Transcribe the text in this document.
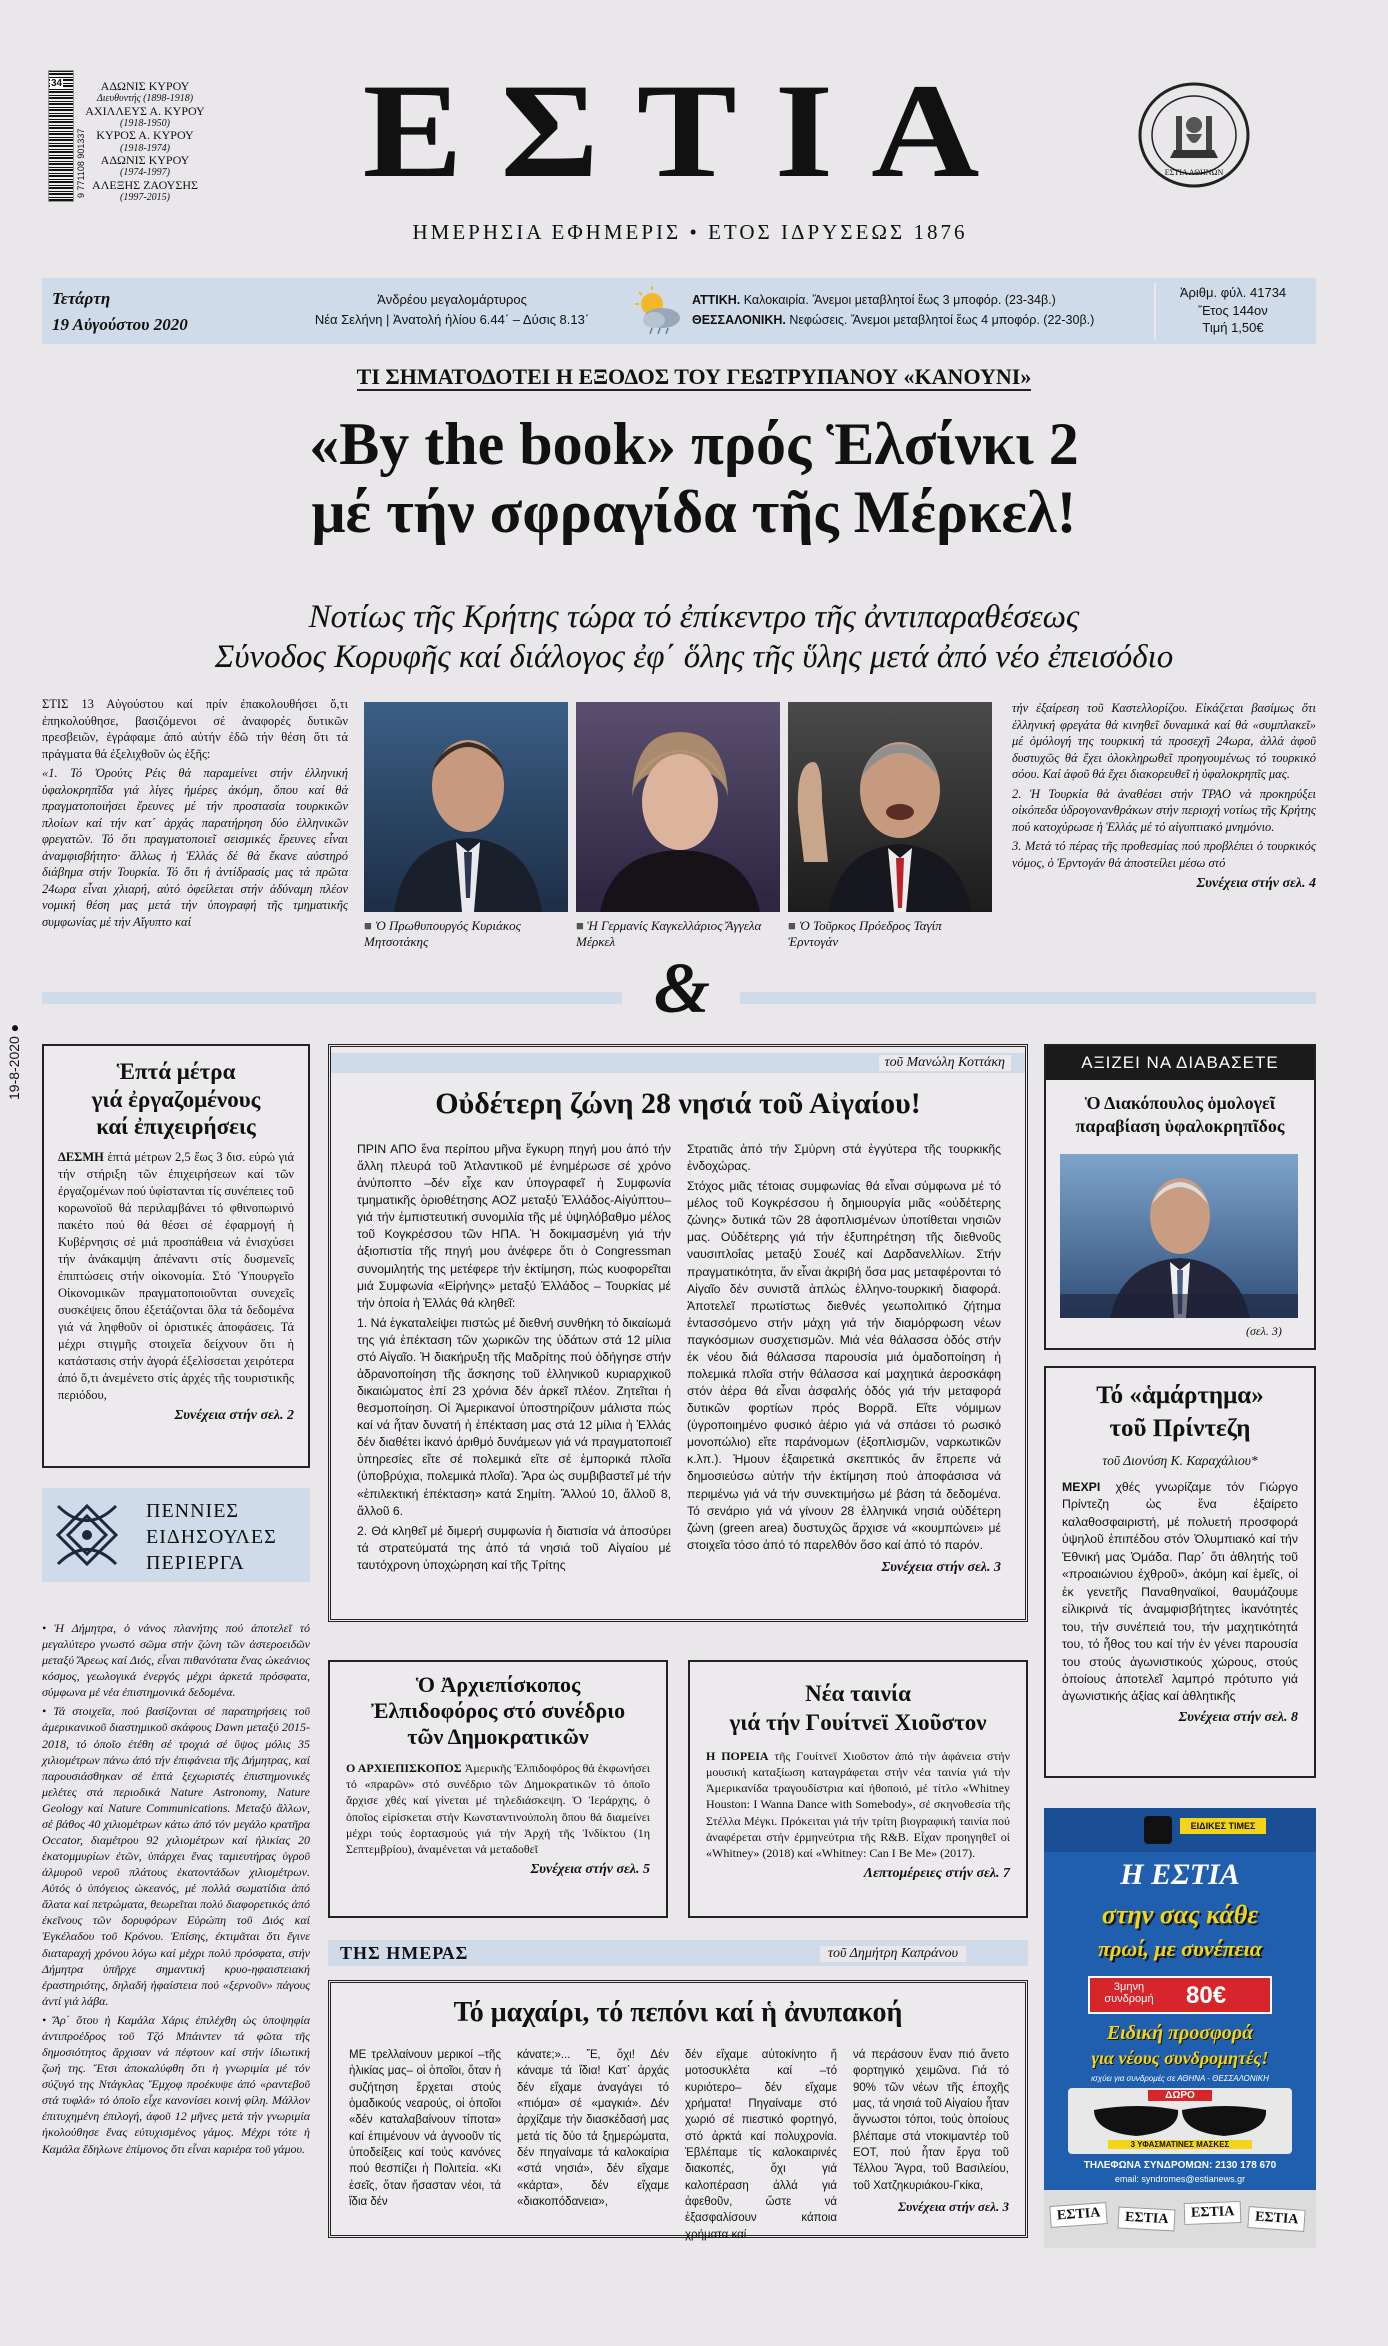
34
9 771108 901337
ΑΔΩΝΙΣ ΚΥΡΟΥ
Διευθυντής (1898-1918)
ΑΧΙΛΛΕΥΣ Α. ΚΥΡΟΥ
(1918-1950)
ΚΥΡΟΣ Α. ΚΥΡΟΥ
(1918-1974)
ΑΔΩΝΙΣ ΚΥΡΟΥ
(1974-1997)
ΑΛΕΞΗΣ ΖΑΟΥΣΗΣ
(1997-2015)	ΕΣΤΙΑ
ΗΜΕΡΗΣΙΑ ΕΦΗΜΕΡΙΣ • ΕΤΟΣ ΙΔΡΥΣΕΩΣ 1876
ΕΣΤΙΑ ΑΘΗΝΩΝ
Τετάρτη
19 Αὐγούστου 2020
Ἀνδρέου μεγαλομάρτυρος
Νέα Σελήνη | Ἀνατολή ἡλίου 6.44΄ – Δύσις 8.13΄
ΑΤΤΙΚΗ. Καλοκαιρία. Ἄνεμοι μεταβλητοί ἕως 3 μποφόρ. (23-34β.)
ΘΕΣΣΑΛΟΝΙΚΗ. Νεφώσεις. Ἄνεμοι μεταβλητοί ἕως 4 μποφόρ. (22-30β.)
Ἀριθμ. φύλ. 41734
Ἔτος 144ον
Τιμή 1,50€
ΤΙ ΣΗΜΑΤΟΔΟΤΕΙ Η ΕΞΟΔΟΣ ΤΟΥ ΓΕΩΤΡΥΠΑΝΟΥ «ΚΑΝΟΥΝΙ»
«By the book» πρός Ἑλσίνκι 2
μέ τήν σφραγίδα τῆς Μέρκελ!
Νοτίως τῆς Κρήτης τώρα τό ἐπίκεντρο τῆς ἀντιπαραθέσεως
Σύνοδος Κορυφῆς καί διάλογος ἐφ΄ ὅλης τῆς ὕλης μετά ἀπό νέο ἐπεισόδιο

ΣΤΙΣ 13 Αὐγούστου καί πρίν ἐπακολουθήσει ὅ,τι ἐπηκολούθησε, βασιζόμενοι σέ ἀναφορές δυτικῶν πρεσβειῶν, ἐγράφαμε ἀπό αὐτήν ἐδῶ τήν θέση ὅτι τά πράγματα θά ἐξελιχθοῦν ὡς ἑξῆς:

«1. Τό Ὀρούτς Ρέις θά παραμείνει στήν ἑλληνική ὑφαλοκρηπῖδα γιά λίγες ἡμέρες ἀκόμη, ὅπου καί θά πραγματοποιήσει ἔρευνες μέ τήν προστασία τουρκικῶν πλοίων καί τήν κατ΄ ἀρχάς παρατήρηση δύο ἑλληνικῶν φρεγατῶν. Τό ὅτι πραγματοποιεῖ σεισμικές ἔρευνες εἶναι ἀναμφισβήτητο· ἄλλως ἡ Ἑλλάς δέ θά ἔκανε αὐστηρό διάβημα στήν Τουρκία. Τό ὅτι ἡ ἀντίδρασίς μας τά πρῶτα 24ωρα εἶναι χλιαρή, αὐτό ὀφείλεται στήν ἀδύναμη πλέον νομική θέση μας μετά τήν ὑπογραφή τῆς τμηματικῆς συμφωνίας μέ τήν Αἴγυπτο καί	■ Ὁ Πρωθυπουργός Κυριάκος Μητσοτάκης
■ Ἡ Γερμανίς Καγκελλάριος Ἄγγελα Μέρκελ
■ Ὁ Τοῦρκος Πρόεδρος Ταγίπ Ἐρντογάν

τήν ἐξαίρεση τοῦ Καστελλορίζου. Εἰκάζεται βασίμως ὅτι ἑλληνική φρεγάτα θά κινηθεῖ δυναμικά καί θά «συμπλακεῖ» μέ ὁμόλογή της τουρκική τά προσεχῆ 24ωρα, ἀλλά ἀφοῦ δυστυχῶς θά ἔχει ὁλοκληρωθεῖ προηγουμένως τό τουρκικό σόου. Καί ἀφοῦ θά ἔχει διακορευθεῖ ἡ ὑφαλοκρηπῖς μας.

2. Ἡ Τουρκία θά ἀναθέσει στήν TPAO νά προκηρύξει οἰκόπεδα ὑδρογονανθράκων στήν περιοχή νοτίως τῆς Κρήτης πού κατοχύρωσε ἡ Ἑλλάς μέ τό αἰγυπτιακό μνημόνιο.

3. Μετά τό πέρας τῆς προθεσμίας πού προβλέπει ὁ τουρκικός νόμος, ὁ Ἐρντογάν θά ἀποστείλει μέσω στό

Συνέχεια στήν σελ. 4
&
19-8-2020 ●
Ἑπτά μέτρα
γιά ἐργαζομένους
καί ἐπιχειρήσεις
ΔΕΣΜΗ ἑπτά μέτρων 2,5 ἕως 3 δισ. εὐρώ γιά τήν στήριξη τῶν ἐπιχειρήσεων καί τῶν ἐργαζομένων πού ὑφίστανται τίς συνέπειες τοῦ κορωνοϊοῦ θά περιλαμβάνει τό φθινοπωρινό πακέτο πού θά θέσει σέ ἐφαρμογή ἡ Κυβέρνησις σέ μιά προσπάθεια νά ἐνισχύσει τήν ἀνάκαμψη ἀπέναντι στίς δυσμενεῖς ἐπιπτώσεις στήν οἰκονομία. Στό Ὑπουργεῖο Οἰκονομικῶν πραγματοποιοῦνται συνεχεῖς συσκέψεις ὅπου ἐξετάζονται ὅλα τά δεδομένα γιά νά ληφθοῦν οἱ ὁριστικές ἀποφάσεις. Τά μέχρι στιγμῆς στοιχεῖα δείχνουν ὅτι ἡ κατάστασις στήν ἀγορά ἐξελίσσεται χειρότερα ἀπό ὅ,τι ἀνεμένετο στίς ἀρχές τῆς τουριστικῆς περιόδου,
Συνέχεια στήν σελ. 2
ΠΕΝΝΙΕΣ
ΕΙΔΗΣΟΥΛΕΣ
ΠΕΡΙΕΡΓΑ

• Ἡ Δήμητρα, ὁ νάνος πλανήτης πού ἀποτελεῖ τό μεγαλύτερο γνωστό σῶμα στήν ζώνη τῶν ἀστεροειδῶν μεταξύ Ἄρεως καί Διός, εἶναι πιθανότατα ἕνας ὠκεάνιος κόσμος, γεωλογικά ἐνεργός μέχρι ἀρκετά πρόσφατα, σύμφωνα μέ νέα ἐπιστημονικά δεδομένα.

• Τά στοιχεῖα, πού βασίζονται σέ παρατηρήσεις τοῦ ἀμερικανικοῦ διαστημικοῦ σκάφους Dawn μεταξύ 2015-2018, τό ὁποῖο ἐτέθη σέ τροχιά σέ ὕψος μόλις 35 χιλιομέτρων πάνω ἀπό τήν ἐπιφάνεια τῆς Δήμητρας, καί παρουσιάσθηκαν σέ ἑπτά ξεχωριστές ἐπιστημονικές μελέτες στά περιοδικά Nature Astronomy, Nature Geology καί Nature Communications. Μεταξύ ἄλλων, σέ βάθος 40 χιλιομέτρων κάτω ἀπό τόν μεγάλο κρατῆρα Occator, διαμέτρου 92 χιλιομέτρων καί ἡλικίας 20 ἑκατομμυρίων ἐτῶν, ὑπάρχει ἕνας ταμιευτήρας ὑγροῦ ἁλμυροῦ νεροῦ πλάτους ἑκατοντάδων χιλιομέτρων. Αὐτός ὁ ὑπόγειος ὠκεανός, μέ πολλά σωματίδια ἀπό ἅλατα καί πετρώματα, θεωρεῖται πολύ διαφορετικός ἀπό ἐκεῖνους τῶν δορυφόρων Εὐρώπη τοῦ Διός καί Ἐγκέλαδου τοῦ Κρόνου. Ἐπίσης, ἐκτιμᾶται ὅτι ἔγινε διαταραχή χρόνου λόγω καί μέχρι πολύ πρόσφατα, στήν Δήμητρα ὑπῆρχε σημαντική κρυο-ηφαιστειακή ἐραστηριότης, δηλαδή ἠφαίστεια πού «ξερνοῦν» πάγους ἀντί γιά λάβα.

• Ἄρ΄ ὅτου ἡ Καμάλα Χάρις ἐπιλέχθη ὡς ὑποψηφία ἀντιπροέδρος τοῦ Τζό Μπάιντεν τά φῶτα τῆς δημοσιότητος ἄρχισαν νά πέφτουν καί στήν ἰδιωτική ζωή της. Ἔτσι ἀποκαλύφθη ὅτι ἡ γνωριμία μέ τόν σύζυγό της Ντάγκλας Ἔμχοφ προέκυψε ἀπό «ραντεβοῦ στά τυφλά» τό ὁποῖο εἶχε κανονίσει κοινή φίλη. Μάλλον ἐπιτυχημένη ἐπιλογή, ἀφοῦ 12 μῆνες μετά τήν γνωριμία ἠκολούθησε ἕνας εὐτυχισμένος γάμος. Μέχρι τότε ἡ Καμάλα ἔδηλωνε ἐπίμονος ὅτι εἶναι καριέρα τοῦ γάμου.

τοῦ Μανώλη Κοττάκη
Οὐδέτερη ζώνη 28 νησιά τοῦ Αἰγαίου!

ΠΡΙΝ ΑΠΟ ἕνα περίπου μῆνα ἔγκυρη πηγή μου ἀπό τήν ἄλλη πλευρά τοῦ Ἀτλαντικοῦ μέ ἐνημέρωσε σέ χρόνο ἀνύποπτο –δέν εἶχε καν ὑπογραφεῖ ἡ Συμφωνία τμηματικῆς ὁριοθέτησης ΑΟΖ μεταξύ Ἑλλάδος-Αἰγύπτου– γιά τήν ἐμπιστευτική συνομιλία τῆς μέ ὑψηλόβαθμο μέλος τοῦ Κογκρέσσου τῶν ΗΠΑ. Ἡ δοκιμασμένη γιά τήν ἀξιοπιστία τῆς πηγή μου ἀνέφερε ὅτι ὁ Congressman συνομιλητής της μετέφερε τήν ἐκτίμηση, πώς κυοφορεῖται μιά Συμφωνία «Εἰρήνης» μεταξύ Ἑλλάδος – Τουρκίας μέ τήν ὁποία ἡ Ἑλλάς θά κληθεῖ:

1. Νά ἐγκαταλείψει πιστώς μέ διεθνή συνθήκη τό δικαίωμά της γιά ἐπέκταση τῶν χωρικῶν της ὑδάτων στά 12 μίλια στό Αἰγαῖο. Ἡ διακήρυξη τῆς Μαδρίτης πού ὁδήγησε στήν ἀδρανοποίηση τῆς ἄσκησης τοῦ ἑλληνικοῦ κυριαρχικοῦ δικαιώματος ἐπί 23 χρόνια δέν ἀρκεῖ πλέον. Ζητεῖται ἡ θεσμοποίηση. Οἱ Ἀμερικανοί ὑποστηρίζουν μάλιστα πώς καί νά ἦταν δυνατή ἡ ἐπέκταση μας στά 12 μίλια ἡ Ἑλλάς δέν διαθέτει ἱκανό ἀριθμό δυνάμεων γιά νά πραγματοποιεῖ ὑπηρεσίες εἴτε σέ πολεμικά εἴτε σέ ἐμπορικά πλοῖα (ὑποβρύχια, πολεμικά πλοῖα). Ἄρα ὡς συμβιβαστεῖ μέ τήν «ἐπιλεκτική ἐπέκταση» κατά Σημίτη. Ἄλλού 10, ἄλλοῦ 8, ἄλλοῦ 6.

2. Θά κληθεῖ μέ διμερή συμφωνία ἡ διατισία νά ἀποσύρει τά στρατεύματά της ἀπό τά νησιά τοῦ Αἰγαίου μέ ταυτόχρονη ὑποχώρηση καί τῆς Τρίτης

Στρατιᾶς ἀπό τήν Σμύρνη στά ἐγγύτερα τῆς τουρκικῆς ἐνδοχώρας.

Στόχος μιᾶς τέτοιας συμφωνίας θά εἶναι σύμφωνα μέ τό μέλος τοῦ Κογκρέσσου ἡ δημιουργία μιᾶς «οὐδέτερης ζώνης» δυτικά τῶν 28 ἀφοπλισμένων ὑποτίθεται νησιῶν μας. Οὐδέτερης γιά τήν ἐξυπηρέτηση τῆς διεθνοῦς ναυσιπλοΐας μεταξύ Σουέζ καί Δαρδανελλίων. Στήν πραγματικότητα, ἄν εἶναι ἀκριβή ὅσα μας μεταφέρονται τό Αἰγαῖο δέν συνιστᾶ ἁπλώς ἑλληνο-τουρκική διαφορά. Ἀποτελεῖ πρωτίστως διεθνές γεωπολιτικό ζήτημα ἐντασσόμενο στήν μάχη γιά τήν διαμόρφωση νέων παγκόσμιων συσχετισμῶν. Μιά νέα θάλασσα ὁδός στήν ἐκ νέου διά θάλασσα παρουσία μιά ὁμαδοποίηση ἡ πολεμικά πλοῖα στήν θάλασσα καί μαχητικά ἀεροσκάφη στόν ἀέρα θά εἶναι ἀσφαλής ὁδός γιά τήν μεταφορά δυτικῶν φορτίων πρός Βορρᾶ. Εἴτε νόμιμων (ὑγροποιημένο φυσικό ἀέριο γιά νά σπάσει τό ρωσικό μονοπώλιο) εἴτε παράνομων (ἐξοπλισμῶν, ναρκωτικῶν κ.λπ.). Ἡμουν ἐξαιρετικά σκεπτικός ἄν ἔπρεπε νά δημοσιεύσω αὐτήν τήν ἐκτίμηση πού ἀποφάσισα νά περιμένω γιά νά τήν συνεκτιμήσω μέ βάση τά δεδομένα. Τό σενάριο γιά νά γίνουν 28 ἑλληνικά νησιά οὐδέτερη ζώνη (green area) δυστυχῶς ἄρχισε νά «κουμπώνει» μέ στοιχεῖα τόσο ἀπό τό παρελθόν ὅσο καί ἀπό τό παρόν.

Συνέχεια στήν σελ. 3
Ὁ Ἀρχιεπίσκοπος
Ἐλπιδοφόρος στό συνέδριο
τῶν Δημοκρατικῶν
Ο ΑΡΧΙΕΠΙΣΚΟΠΟΣ Ἀμερικῆς Ἐλπιδοφόρος θά ἐκφωνήσει τό «πραρῶν» στό συνέδριο τῶν Δημοκρατικῶν τό ὁποῖο ἄρχισε χθές καί γίνεται μέ τηλεδιάσκεψη. Ὁ Ἱεράρχης, ὁ ὁποῖος εἰρίσκεται στήν Κωνσταντινούπολη ὅπου θά διαμείνει μέχρι τούς ἑορτασμούς γιά τήν Ἀρχή τῆς Ἰνδίκτου (1η Σεπτεμβρίου), ἀναμένεται νά μεταδοθεῖ
Συνέχεια στήν σελ. 5
Νέα ταινία
γιά τήν Γουίτνεϊ Χιοῦστον
Η ΠΟΡΕΙΑ τῆς Γουίτνεϊ Χιοῦστον ἀπό τήν ἀφάνεια στήν μουσική καταξίωση καταγράφεται στήν νέα ταινία γιά τήν Ἀμερικανίδα τραγουδίστρια καί ἠθοποιό, μέ τίτλο «Whitney Houston: I Wanna Dance with Somebody», σέ σκηνοθεσία τῆς Στέλλα Μέγκι. Πρόκειται γιά τήν τρίτη βιογραφική ταινία πού ἀναφέρεται στήν ἐρμηνεύτρια τῆς R&B. Εἶχαν προηγηθεῖ οἱ «Whitney» (2018) καί «Whitney: Can I Be Me» (2017).
Λεπτομέρειες στήν σελ. 7
ΤΗΣ ΗΜΕΡΑΣ	τοῦ Δημήτρη Καπράνου
Τό μαχαίρι, τό πεπόνι καί ἡ ἀνυπακοή
ΜΕ τρελλαίνουν μερικοί –τῆς ἡλικίας μας– οἱ ὁποῖοι, ὅταν ἡ συζήτηση ἔρχεται στούς ὁμαδικούς νεαρούς, οἱ ὁποῖοι «δέν καταλαβαίνουν τίποτα» καί ἐπιμένουν νά ἀγνοοῦν τίς ὑποδείξεις καί τούς κανόνες πού θεσπίζει ἡ Πολιτεία. «Κι ἐσεῖς, ὅταν ἤσασταν νέοι, τά ἴδια δέν
κάνατε;»... Ἔ, ὄχι! Δέν κάναμε τά ἴδια! Κατ΄ ἀρχάς δέν εἴχαμε ἀναγάγει τό «πιόμα» σέ «μαγκιά». Δέν ἀρχίζαμε τήν διασκέδασή μας μετά τίς δύο τά ξημερώματα, δέν πηγαίναμε τά καλοκαίρια «στά νησιά», δέν εἴχαμε «κάρτα», δέν εἴχαμε «διακοπόδανεια»,
δέν εἴχαμε αὐτοκίνητο ἤ μοτοσυκλέτα καί –τό κυριότερο– δέν εἴχαμε χρήματα! Πηγαίναμε στό χωριό σέ πιεστικό φορτηγό, στό ἀρκτά καί πολυχρονία. Ἐβλέπαμε τίς καλοκαιρινές διακοπές, ὄχι γιά καλοπέραση ἀλλά γιά ἀφεθοῦν, ὥστε νά ἐξασφαλίσουν κάποια χρήματα καί
νά περάσουν ἕναν πιό ἄνετο φορτηγικό χειμῶνα. Γιά τό 90% τῶν νέων τῆς ἐποχῆς μας, τά νησιά τοῦ Αἰγαίου ἦταν ἄγνωστοι τόποι, τούς ὁποίους βλέπαμε στά ντοκιμαντέρ τοῦ ΕΟΤ, πού ἦταν ἔργα τοῦ Τέλλου Ἄγρα, τοῦ Βασιλείου, τοῦ Χατζηκυριάκου-Γκίκα,
Συνέχεια στήν σελ. 3
ΑΞΙΖΕΙ ΝΑ ΔΙΑΒΑΣΕΤΕ
Ὁ Διακόπουλος ὁμολογεῖ
παραβίαση ὑφαλοκρηπῖδος
(σελ. 3)
Τό «ἁμάρτημα»
τοῦ Πρίντεζη
τοῦ Διονύση Κ. Καραχάλιου*
ΜΕΧΡΙ χθές γνωρίζαμε τόν Γιώργο Πρίντεζη ὡς ἕνα ἐξαίρετο καλαθοσφαιριστή, μέ πολυετή προσφορά ὑψηλοῦ ἐπιπέδου στόν Ὀλυμπιακό καί τήν Ἐθνική μας Ὁμάδα. Παρ΄ ὅτι ἀθλητής τοῦ «προαιώνιου ἐχθροῦ», ἀκόμη καί ἐμεῖς, οἱ ἐκ γενετῆς Παναθηναϊκοί, θαυμάζουμε εἰλικρινά τίς ἀναμφισβήτητες ἱκανότητές του, τήν συνέπειά του, τήν μαχητικότητά του, τό ἦθος του καί τήν ἐν γένει παρουσία του στούς ἀγωνιστικούς χώρους, στούς ὁποίους ἀποτελεῖ λαμπρό πρότυπο γιά ἀγωνιστικής ἀξίας καί ἀθλητικῆς
Συνέχεια στήν σελ. 8
ΕΙΔΙΚΕΣ ΤΙΜΕΣ
Η ΕΣΤΙΑ
στην σας κάθε
πρωί, με συνέπεια
3μηνη συνδρομή	80€
Ειδική προσφορά
για νέους συνδρομητές!
ισχύει για συνδρομές σε ΑΘΗΝΑ - ΘΕΣΣΑΛΟΝΙΚΗ
ΔΩΡΟ
3 ΥΦΑΣΜΑΤΙΝΕΣ ΜΑΣΚΕΣ
ΤΗΛΕΦΩΝΑ ΣΥΝΔΡΟΜΩΝ: 2130 178 670
email: syndromes@estianews.gr
ΕΣΤΙΑ	ΕΣΤΙΑ	ΕΣΤΙΑ	ΕΣΤΙΑ
